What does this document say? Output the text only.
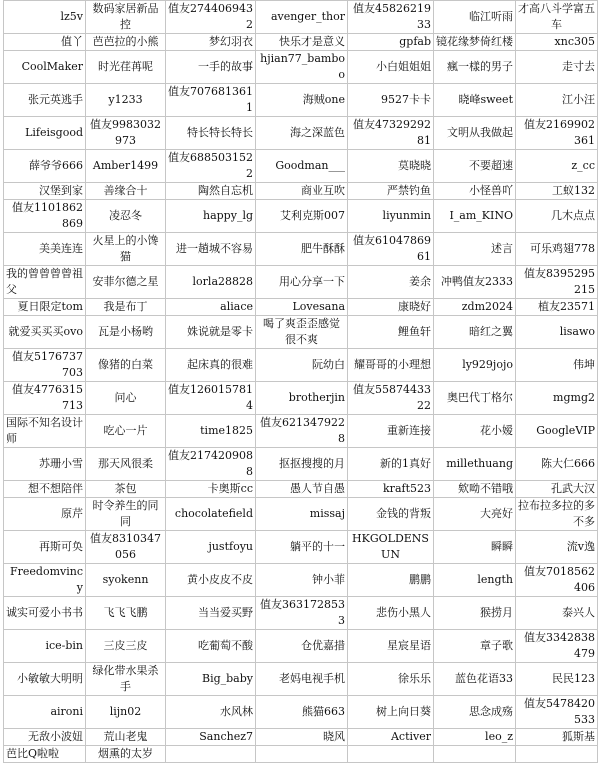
lz5v	数码家居新品控	值友2744069432	avenger_thor	值友4582621933	临江听雨	才高八斗学富五车
值丫	芭芭拉的小熊	梦幻羽衣	快乐才是意义	gpfab	镜花缘梦倚红楼	xnc305
CoolMaker	时光荏苒呢	一手的故事	hjian77_bamboo	小白姐姐姐	瘋一樣的男子	走寸去
张元英逃手	y1233	值友7076813611	海贼one	9527卡卡	晓峰sweet	江小汪
Lifeisgood	值友9983032973	特长特长特长	海之深蓝色	值友4732929281	文明从我做起	值友2169902361
薛爷爷666	Amber1499	值友6885031522	Goodman___	莫晓晓	不要超速	z_cc
汉堡到家	善缘合十	陶然自忘机	商业互吹	严禁钓鱼	小怪兽吖	工蚁132
值友1101862869	凌忍冬	happy_lg	艾利克斯007	liyunmin	I_am_KINO	几木点点
美美连连	火星上的小馋猫	进一趟城不容易	肥牛酥酥	值友6104786961	述言	可乐鸡翅778
我的曾曾曾曾祖父	安菲尔德之星	lorla28828	用心分享一下	姜余	冲鸭值友2333	值友8395295215
夏日限定tom	我是布丁	aliace	Lovesana	康晓好	zdm2024	植友23571
就爱买买买ovo	瓦是小杨哟	姝说就是零卡	喝了爽歪歪感觉很不爽	鲤鱼轩	暗红之翼	lisawo
值友5176737703	像猪的白菜	起床真的很难	阮幼白	耀哥哥的小理想	ly929jojo	伟坤
值友4776315713	问心	值友1260157814	brotherjin	值友5587443322	奥巴代丁格尔	mgmg2
国际不知名设计师	吃心一片	time1825	值友6213479228	重新连接	花小嫒	GoogleVIP
苏珊小雪	那天风很柔	值友2174209088	抠抠搜搜的月	新的1真好	millethuang	陈大仁666
想不想陪伴	茶包	卡奥斯cc	愚人节自愚	kraft523	欸呦不错哦	孔武大汉
原芹	时令养生的同同	chocolatefield	missaj	金钱的背叛	大亮好	拉布拉多拉的多不多
再斯可奂	值友8310347056	justfoyu	躺平的十一	HKGOLDENSUN	瞬瞬	流v逸
Freedomvincy	syokenn	黄小皮皮不皮	钟小菲	鹏鹏	length	值友7018562406
诚实可爱小书书	飞飞飞鹏	当当爱买野	值友3631728533	悲伤小黑人	猴捞月	泰兴人
ice-bin	三皮三皮	吃葡萄不酸	仓优嘉措	星宸星语	章子歌	值友3342838479
小敏敏大明明	绿化带水果杀手	Big_baby	老妈电视手机	徐乐乐	蓝色花语33	民民123
aironi	lijn02	水风林	熊猫663	树上向日葵	思念成殇	值友5478420533
无敌小波妞	荒山老鬼	Sanchez7	晓风	Activer	leo_z	狐斯基
芭比Q啦啦	烟熏的太岁					
